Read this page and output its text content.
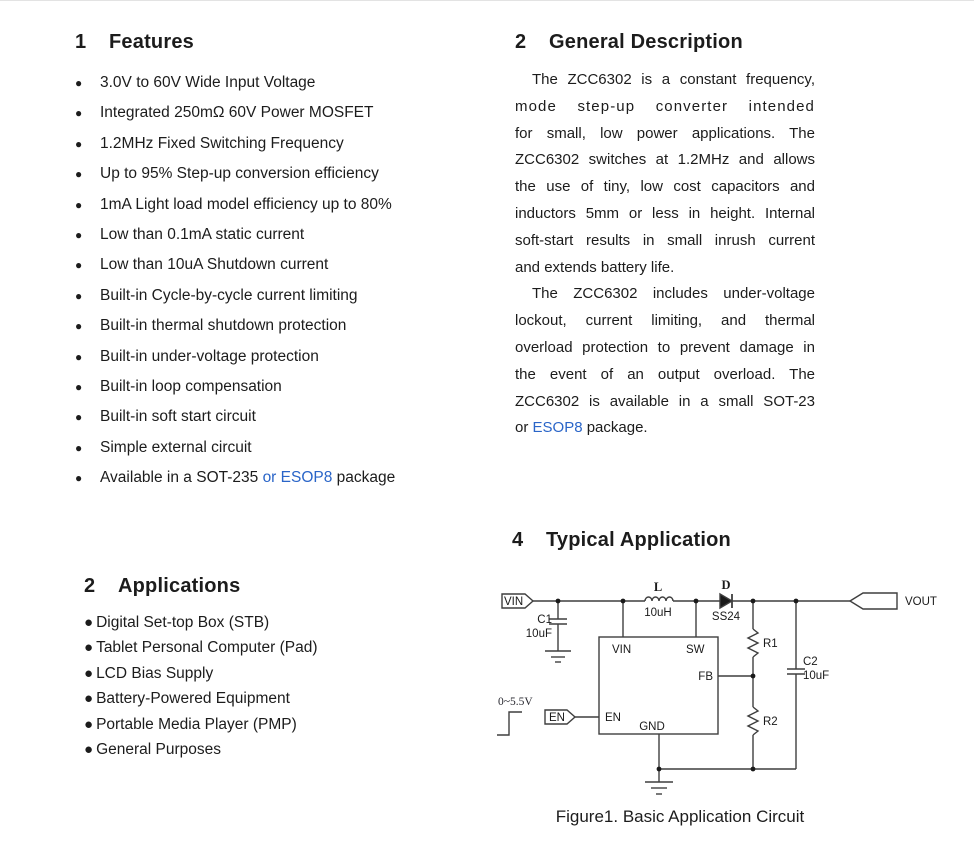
1 Features
● 3.0V to 60V Wide Input Voltage
● Integrated 250mΩ 60V Power MOSFET
● 1.2MHz Fixed Switching Frequency
● Up to 95% Step-up conversion efficiency
● 1mA Light load model efficiency up to 80%
● Low than 0.1mA static current
● Low than 10uA Shutdown current
● Built-in Cycle-by-cycle current limiting
● Built-in thermal shutdown protection
● Built-in under-voltage protection
● Built-in loop compensation
● Built-in soft start circuit
● Simple external circuit
● Available in a SOT-235 or ESOP8 package
2 General Description
The ZCC6302 is a constant frequency,
mode step-up converter intended
for small, low power applications. The
ZCC6302 switches at 1.2MHz and allows
the use of tiny, low cost capacitors and
inductors 5mm or less in height. Internal
soft-start results in small inrush current
and extends battery life.
The ZCC6302 includes under-voltage
lockout, current limiting, and thermal
overload protection to prevent damage in
the event of an output overload. The
ZCC6302 is available in a small SOT-23
or ESOP8 package.
2 Applications
● Digital Set-top Box (STB)
● Tablet Personal Computer (Pad)
● LCD Bias Supply
● Battery-Powered Equipment
● Portable Media Player (PMP)
● General Purposes
4 Typical Application
VIN	VOUT
EN
0~5.5V
L
10uH
D
SS24
C1
10uF
C2
10uF
R1
R2
VIN	SW
FB
EN
GND
Figure1. Basic Application Circuit
